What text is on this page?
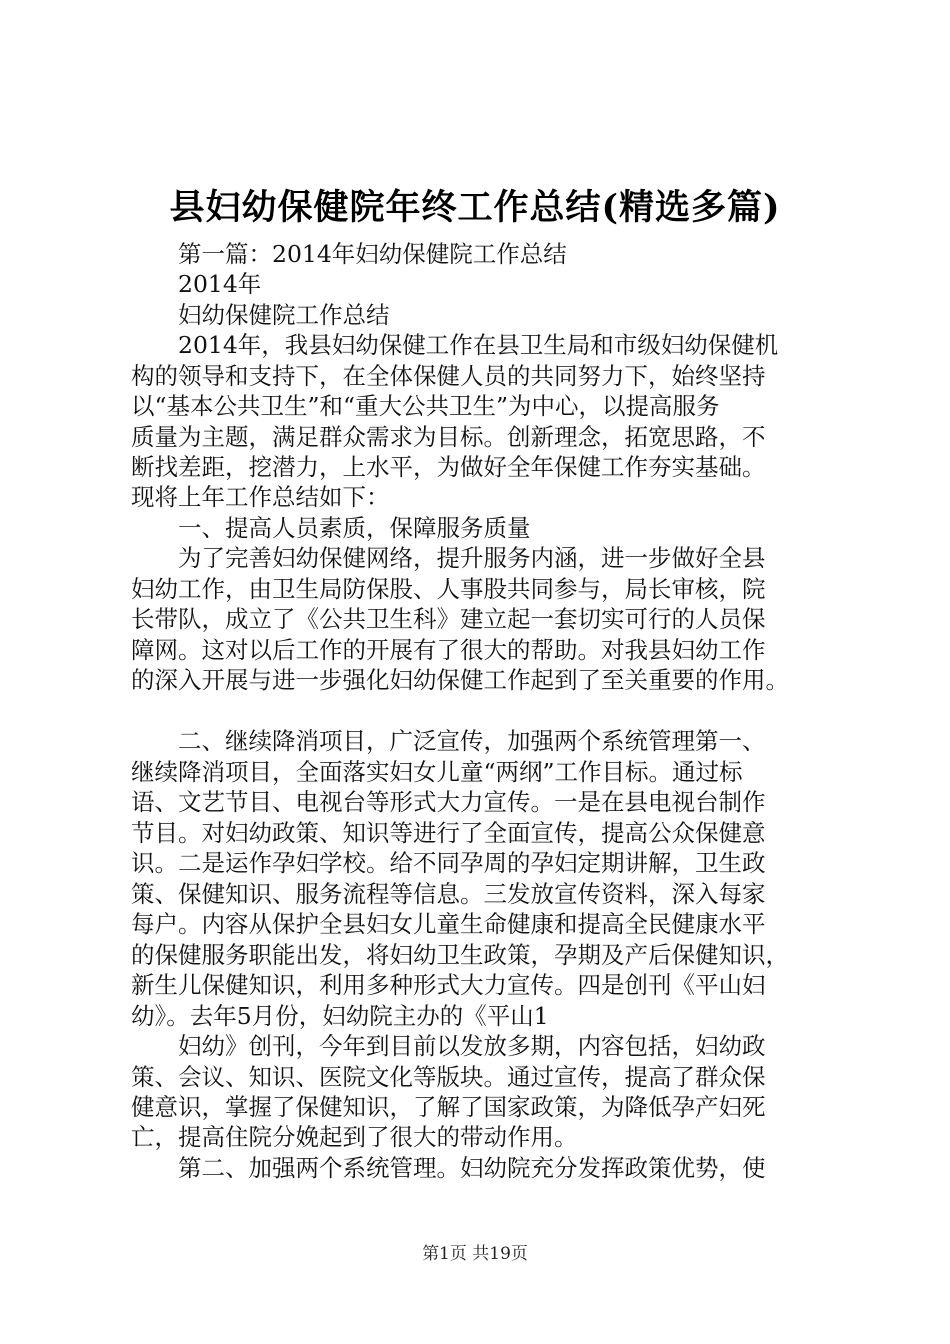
县妇幼保健院年终工作总结(精选多篇)

　　第一篇：2014年妇幼保健院工作总结

　　2014年

　　妇幼保健院工作总结

　　2014年，我县妇幼保健工作在县卫生局和市级妇幼保健机

构的领导和支持下，在全体保健人员的共同努力下，始终坚持

以“基本公共卫生”和“重大公共卫生”为中心，以提高服务

质量为主题，满足群众需求为目标。创新理念，拓宽思路，不

断找差距，挖潜力，上水平，为做好全年保健工作夯实基础。

现将上年工作总结如下：

　　一、提高人员素质，保障服务质量

　　为了完善妇幼保健网络，提升服务内涵，进一步做好全县

妇幼工作，由卫生局防保股、人事股共同参与，局长审核，院

长带队，成立了《公共卫生科》建立起一套切实可行的人员保

障网。这对以后工作的开展有了很大的帮助。对我县妇幼工作

的深入开展与进一步强化妇幼保健工作起到了至关重要的作用。

　　二、继续降消项目，广泛宣传，加强两个系统管理第一、

继续降消项目，全面落实妇女儿童“两纲”工作目标。通过标

语、文艺节目、电视台等形式大力宣传。一是在县电视台制作

节目。对妇幼政策、知识等进行了全面宣传，提高公众保健意

识。二是运作孕妇学校。给不同孕周的孕妇定期讲解，卫生政

策、保健知识、服务流程等信息。三发放宣传资料，深入每家

每户。内容从保护全县妇女儿童生命健康和提高全民健康水平

的保健服务职能出发，将妇幼卫生政策，孕期及产后保健知识，

新生儿保健知识，利用多种形式大力宣传。四是创刊《平山妇

幼》。去年5月份，妇幼院主办的《平山1

　　妇幼》创刊，今年到目前以发放多期，内容包括，妇幼政

策、会议、知识、医院文化等版块。通过宣传，提高了群众保

健意识，掌握了保健知识，了解了国家政策，为降低孕产妇死

亡，提高住院分娩起到了很大的带动作用。

　　第二、加强两个系统管理。妇幼院充分发挥政策优势，使

第1页 共19页
